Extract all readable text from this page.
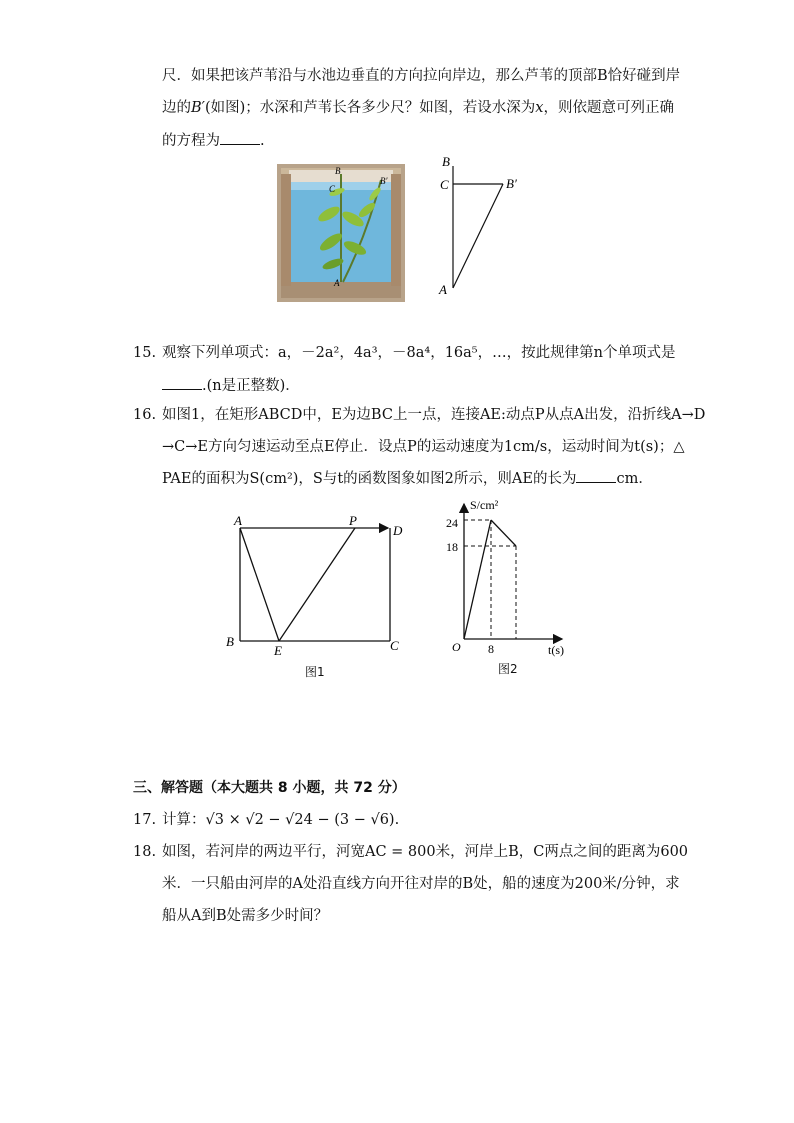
尺．如果把该芦苇沿与水池边垂直的方向拉向岸边，那么芦苇的顶部B恰好碰到岸
边的B′(如图)；水深和芦苇长各多少尺？如图，若设水深为x，则依题意可列正确
的方程为	.
B
C
B′
A
B
C	B′
A
15. 观察下列单项式：a，－2a²，4a³，－8a⁴，16a⁵，…，按此规律第n个单项式是
.(n是正整数)．
16. 如图1，在矩形ABCD中，E为边BC上一点，连接AE:动点P从点A出发，沿折线A→D
→C→E方向匀速运动至点E停止．设点P的运动速度为1cm/s，运动时间为t(s)；△
PAE的面积为S(cm²)，S与t的函数图象如图2所示，则AE的长为	cm．
A	P
D
B
E	C
图1
S/cm²
24
18
O 8	t(s)
图2
三、解答题（本大题共 8 小题，共 72 分）
17. 计算：√3 × √2 − √24 − (3 − √6).
18. 如图，若河岸的两边平行，河宽AC = 800米，河岸上B，C两点之间的距离为600
米．一只船由河岸的A处沿直线方向开往对岸的B处，船的速度为200米/分钟，求
船从A到B处需多少时间？
